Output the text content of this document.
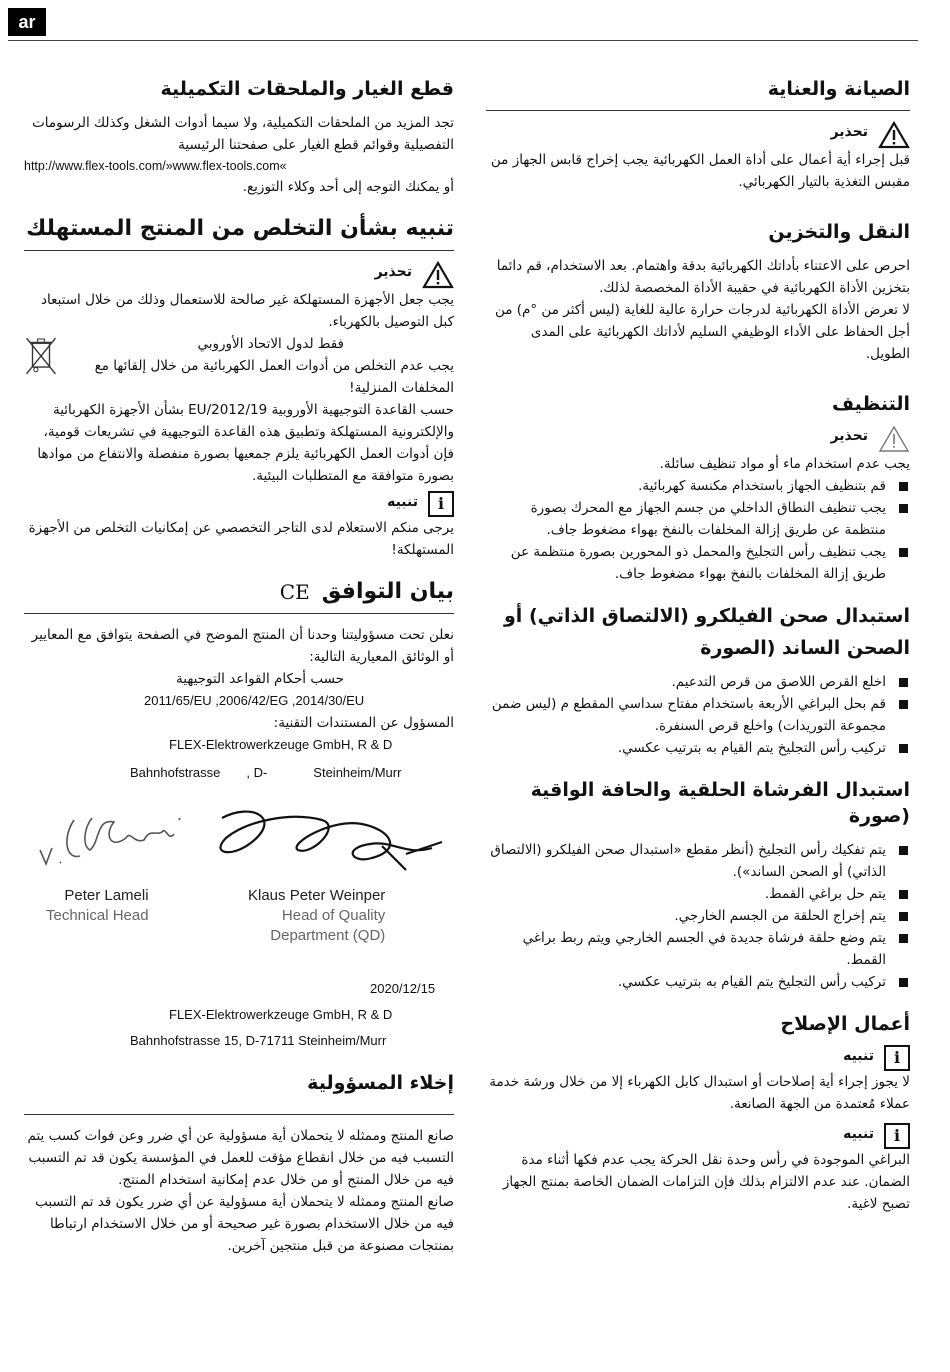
ar
الصيانة والعناية
تحذير

قبل إجراء أية أعمال على أداة العمل الكهربائية يجب إخراج قابس الجهاز من مقبس التغذية بالتيار الكهربائي.

النقل والتخزين

احرص على الاعتناء بأداتك الكهربائية بدقة واهتمام. بعد الاستخدام، قم دائما بتخزين الأداة الكهربائية في حقيبة الأداة المخصصة لذلك.

لا تعرض الأداة الكهربائية لدرجات حرارة عالية للغاية (ليس أكثر من °م) من أجل الحفاظ على الأداء الوظيفي السليم لأداتك الكهربائية على المدى الطويل.

التنظيف
تحذير

يجب عدم استخدام ماء أو مواد تنظيف سائلة.

قم بتنظيف الجهاز باستخدام مكنسة كهربائية.
يجب تنظيف النطاق الداخلي من جسم الجهاز مع المحرك بصورة منتظمة عن طريق إزالة المخلفات بالنفخ بهواء مضغوط جاف.
يجب تنظيف رأس التجليخ والمحمل ذو المحورين بصورة منتظمة عن طريق إزالة المخلفات بالنفخ بهواء مضغوط جاف.
استبدال صحن الفيلكرو (الالتصاق الذاتي) أو
الصحن الساند (الصورة
اخلع القرص اللاصق من قرص التدعيم.
قم بحل البراغي الأربعة باستخدام مفتاح سداسي المقطع م (ليس ضمن مجموعة التوريدات) واخلع قرص السنفرة.
تركيب رأس التجليخ يتم القيام به بترتيب عكسي.
استبدال الفرشاة الحلقية والحافة الواقية (صورة
يتم تفكيك رأس التجليخ (أنظر مقطع «استبدال صحن الفيلكرو (الالتصاق الذاتي) أو الصحن الساند»).
يتم حل براغي القمط.
يتم إخراج الحلقة من الجسم الخارجي.
يتم وضع حلقة فرشاة جديدة في الجسم الخارجي ويتم ربط براغي القمط.
تركيب رأس التجليخ يتم القيام به بترتيب عكسي.
أعمال الإصلاح
i
تنبيه

لا يجوز إجراء أية إصلاحات أو استبدال كابل الكهرباء إلا من خلال ورشة خدمة عملاء مُعتمدة من الجهة الصانعة.

i
تنبيه

البراغي الموجودة في رأس وحدة نقل الحركة يجب عدم فكها أثناء مدة الضمان. عند عدم الالتزام بذلك فإن التزامات الضمان الخاصة بمنتج الجهاز تصبح لاغية.

قطع الغيار والملحقات التكميلية

تجد المزيد من الملحقات التكميلية، ولا سيما أدوات الشغل وكذلك الرسومات التفصيلية وقوائم قطع الغيار على صفحتنا الرئيسية

http://www.flex-tools.com/»www.flex-tools.com«

أو يمكنك التوجه إلى أحد وكلاء التوزيع.

تنبيه بشأن التخلص من المنتج المستهلك
تحذير

يجب جعل الأجهزة المستهلكة غير صالحة للاستعمال وذلك من خلال استبعاد كبل التوصيل بالكهرباء.

فقط لدول الاتحاد الأوروبي

يجب عدم التخلص من أدوات العمل الكهربائية من خلال إلقائها مع المخلفات المنزلية!

حسب القاعدة التوجيهية الأوروبية 2012/19/EU بشأن الأجهزة الكهربائية والإلكترونية المستهلكة وتطبيق هذه القاعدة التوجيهية في تشريعات قومية، فإن أدوات العمل الكهربائية يلزم جمعيها بصورة منفصلة والانتفاع من موادها بصورة متوافقة مع المتطلبات البيئية.

i
تنبيه

يرجى منكم الاستعلام لدى التاجر التخصصي عن إمكانيات التخلص من الأجهزة المستهلكة!

بيان التوافق
CE

نعلن تحت مسؤوليتنا وحدنا أن المنتج الموضح في الصفحة يتوافق مع المعايير أو الوثائق المعيارية التالية:

حسب أحكام القواعد التوجيهية

2011/65/EU ,2006/42/EG ,2014/30/EU

المسؤول عن المستندات التقنية:

FLEX-Elektrowerkzeuge GmbH, R & D

Bahnhofstrasse , D-	Steinheim/Murr
Peter Lameli
Technical Head
Klaus Peter Weinper
Head of Quality
Department (QD)

2020/12/15

FLEX-Elektrowerkzeuge GmbH, R & D

Bahnhofstrasse 15, D-71711 Steinheim/Murr

إخلاء المسؤولية

صانع المنتج وممثله لا يتحملان أية مسؤولية عن أي ضرر وعن فوات كسب يتم التسبب فيه من خلال انقطاع مؤقت للعمل في المؤسسة يكون قد تم التسبب فيه من خلال المنتج أو من خلال عدم إمكانية استخدام المنتج.

صانع المنتج وممثله لا يتحملان أية مسؤولية عن أي ضرر يكون قد تم التسبب فيه من خلال الاستخدام بصورة غير صحيحة أو من خلال الاستخدام ارتباطا بمنتجات مصنوعة من قبل منتجين آخرين.
